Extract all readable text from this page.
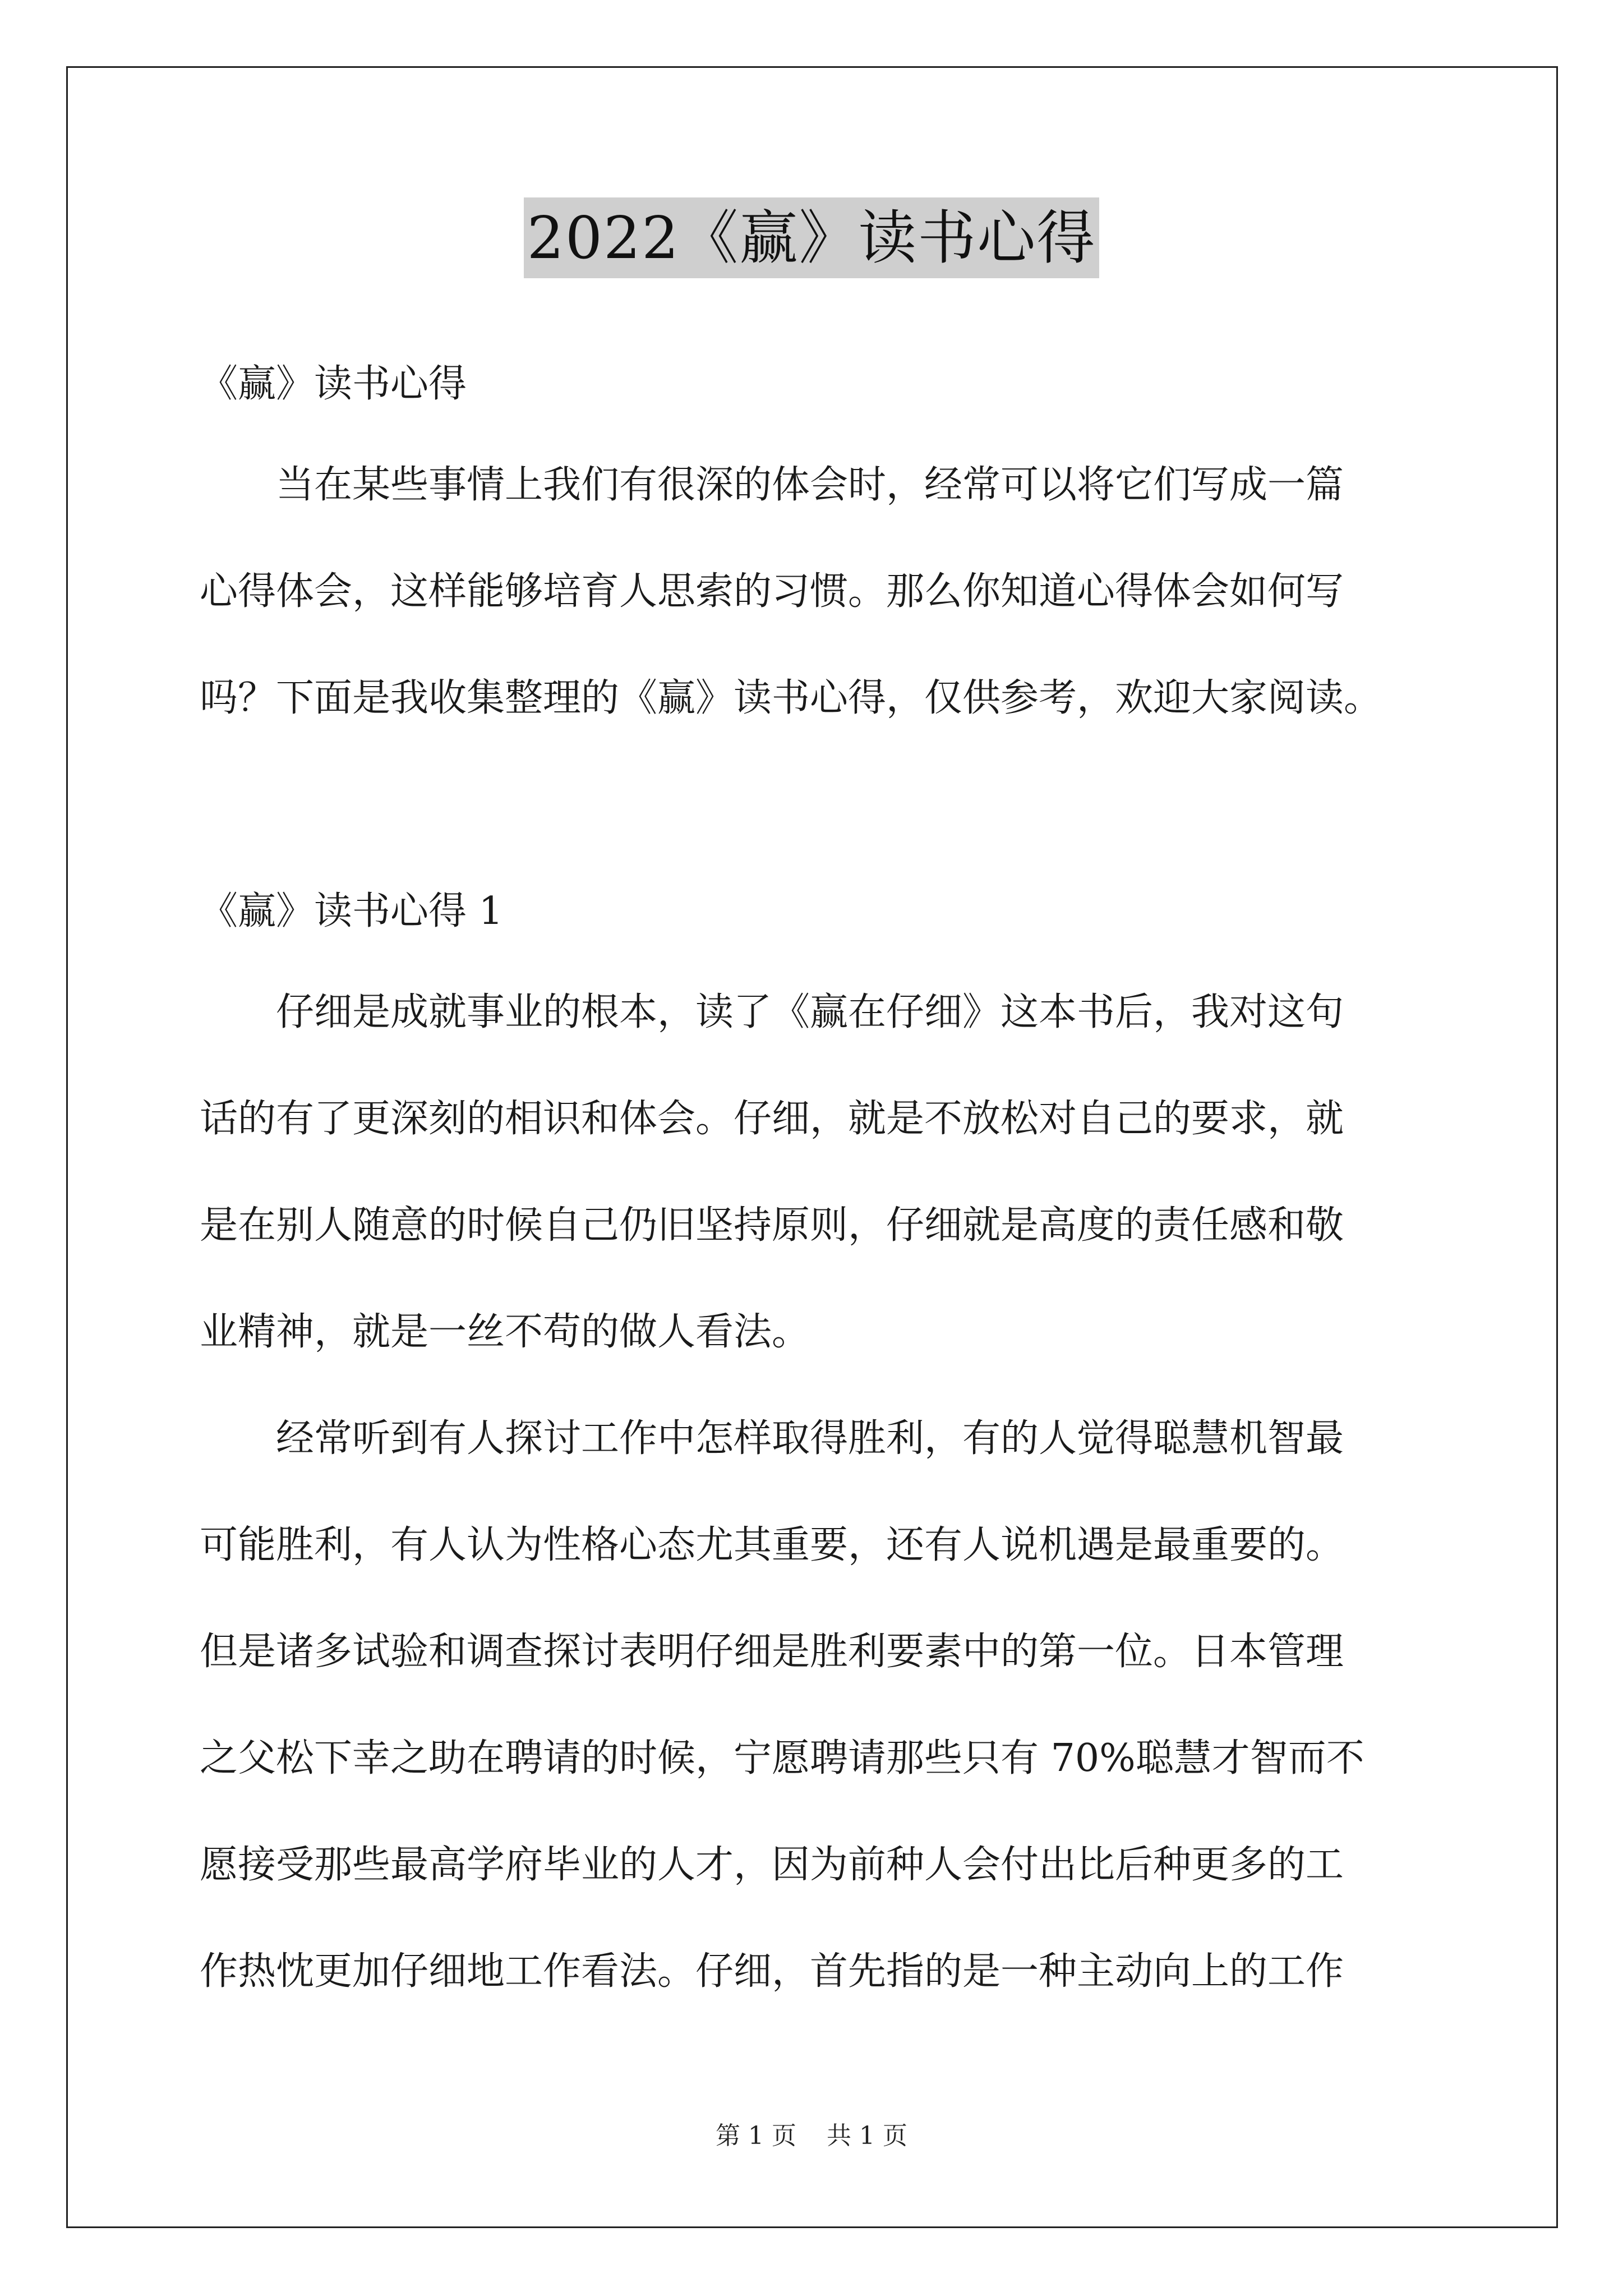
2022《赢》读书心得
《赢》读书心得
　　当在某些事情上我们有很深的体会时，经常可以将它们写成一篇
心得体会，这样能够培育人思索的习惯。那么你知道心得体会如何写
吗？下面是我收集整理的《赢》读书心得，仅供参考，欢迎大家阅读。
《赢》读书心得 1
　　仔细是成就事业的根本，读了《赢在仔细》这本书后，我对这句
话的有了更深刻的相识和体会。仔细，就是不放松对自己的要求，就
是在别人随意的时候自己仍旧坚持原则，仔细就是高度的责任感和敬
业精神，就是一丝不苟的做人看法。
　　经常听到有人探讨工作中怎样取得胜利，有的人觉得聪慧机智最
可能胜利，有人认为性格心态尤其重要，还有人说机遇是最重要的。
但是诸多试验和调查探讨表明仔细是胜利要素中的第一位。日本管理
之父松下幸之助在聘请的时候，宁愿聘请那些只有 70%聪慧才智而不
愿接受那些最高学府毕业的人才，因为前种人会付出比后种更多的工
作热忱更加仔细地工作看法。仔细，首先指的是一种主动向上的工作
第 1 页 共 1 页
